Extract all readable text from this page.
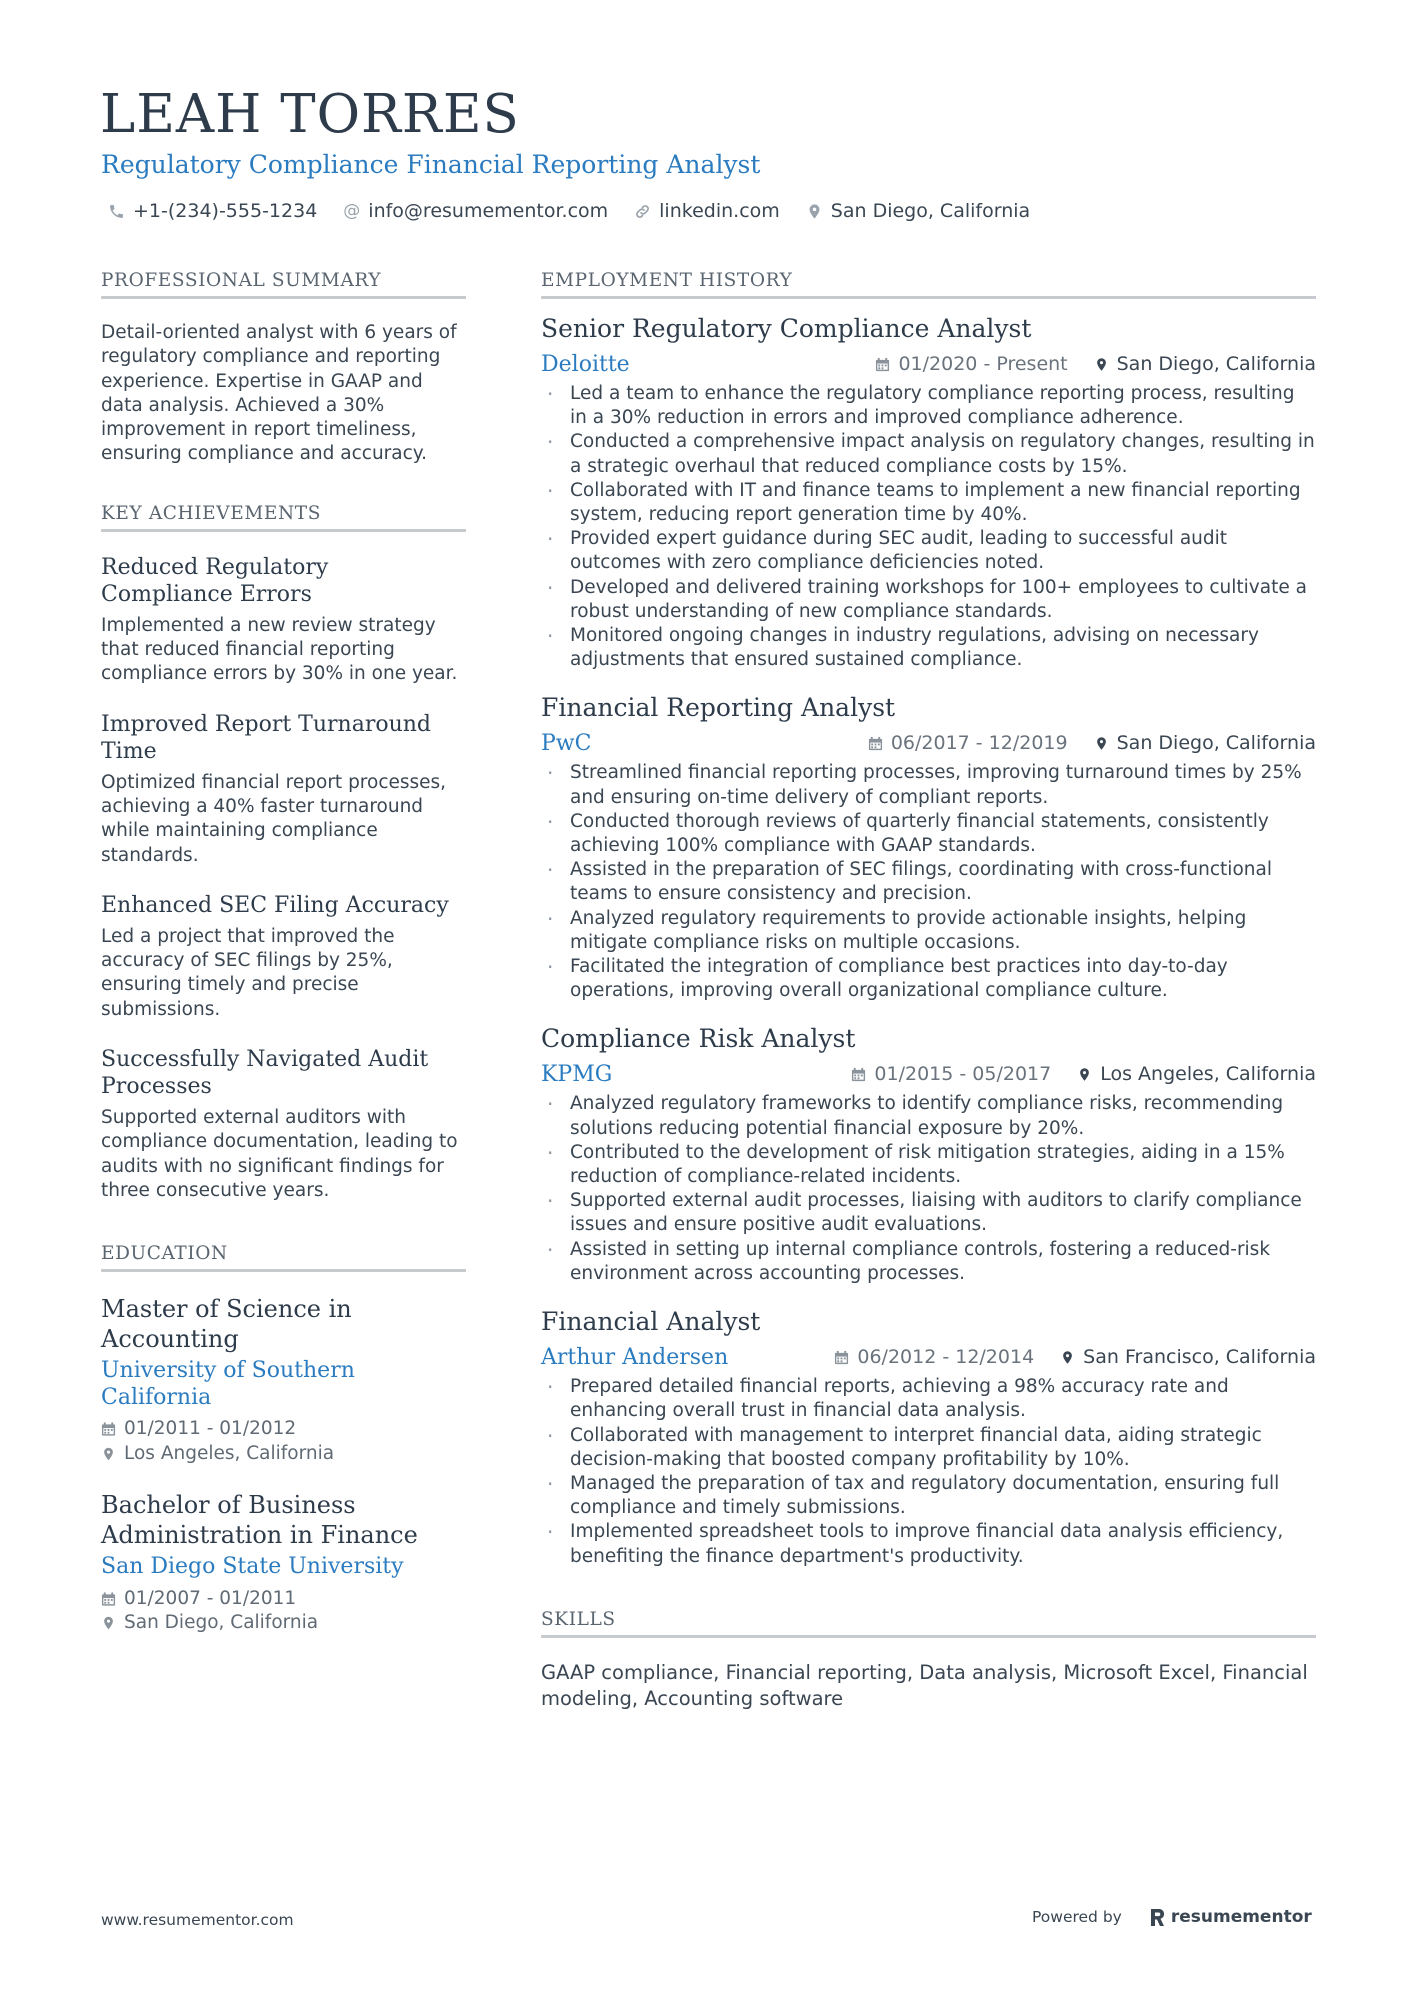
LEAH TORRES
Regulatory Compliance Financial Reporting Analyst
+1-(234)-555-1234 @ info@resumementor.com	linkedin.com	San Diego, California
PROFESSIONAL SUMMARY

Detail-oriented analyst with 6 years of regulatory compliance and reporting experience. Expertise in GAAP and data analysis. Achieved a 30% improvement in report timeliness, ensuring compliance and accuracy.

KEY ACHIEVEMENTS
Reduced Regulatory Compliance Errors

Implemented a new review strategy that reduced financial reporting compliance errors by 30% in one year.

Improved Report Turnaround Time

Optimized financial report processes, achieving a 40% faster turnaround while maintaining compliance standards.

Enhanced SEC Filing Accuracy

Led a project that improved the accuracy of SEC filings by 25%, ensuring timely and precise submissions.

Successfully Navigated Audit Processes

Supported external auditors with compliance documentation, leading to audits with no significant findings for three consecutive years.

EDUCATION
Master of Science in Accounting
University of Southern California
01/2011 - 01/2012
Los Angeles, California
Bachelor of Business Administration in Finance
San Diego State University
01/2007 - 01/2011
San Diego, California
EMPLOYMENT HISTORY
Senior Regulatory Compliance Analyst
Deloitte	01/2020 - Present	San Diego, California
· Led a team to enhance the regulatory compliance reporting process, resulting in a 30% reduction in errors and improved compliance adherence.
· Conducted a comprehensive impact analysis on regulatory changes, resulting in a strategic overhaul that reduced compliance costs by 15%.
· Collaborated with IT and finance teams to implement a new financial reporting system, reducing report generation time by 40%.
· Provided expert guidance during SEC audit, leading to successful audit outcomes with zero compliance deficiencies noted.
· Developed and delivered training workshops for 100+ employees to cultivate a robust understanding of new compliance standards.
· Monitored ongoing changes in industry regulations, advising on necessary adjustments that ensured sustained compliance.
Financial Reporting Analyst
PwC	06/2017 - 12/2019	San Diego, California
· Streamlined financial reporting processes, improving turnaround times by 25% and ensuring on-time delivery of compliant reports.
· Conducted thorough reviews of quarterly financial statements, consistently achieving 100% compliance with GAAP standards.
· Assisted in the preparation of SEC filings, coordinating with cross-functional teams to ensure consistency and precision.
· Analyzed regulatory requirements to provide actionable insights, helping mitigate compliance risks on multiple occasions.
· Facilitated the integration of compliance best practices into day-to-day operations, improving overall organizational compliance culture.
Compliance Risk Analyst
KPMG	01/2015 - 05/2017	Los Angeles, California
· Analyzed regulatory frameworks to identify compliance risks, recommending solutions reducing potential financial exposure by 20%.
· Contributed to the development of risk mitigation strategies, aiding in a 15% reduction of compliance-related incidents.
· Supported external audit processes, liaising with auditors to clarify compliance issues and ensure positive audit evaluations.
· Assisted in setting up internal compliance controls, fostering a reduced-risk environment across accounting processes.
Financial Analyst
Arthur Andersen	06/2012 - 12/2014	San Francisco, California
· Prepared detailed financial reports, achieving a 98% accuracy rate and enhancing overall trust in financial data analysis.
· Collaborated with management to interpret financial data, aiding strategic decision-making that boosted company profitability by 10%.
· Managed the preparation of tax and regulatory documentation, ensuring full compliance and timely submissions.
· Implemented spreadsheet tools to improve financial data analysis efficiency, benefiting the finance department's productivity.
SKILLS

GAAP compliance, Financial reporting, Data analysis, Microsoft Excel, Financial modeling, Accounting software

www.resumementor.com	Powered by	resumementor
